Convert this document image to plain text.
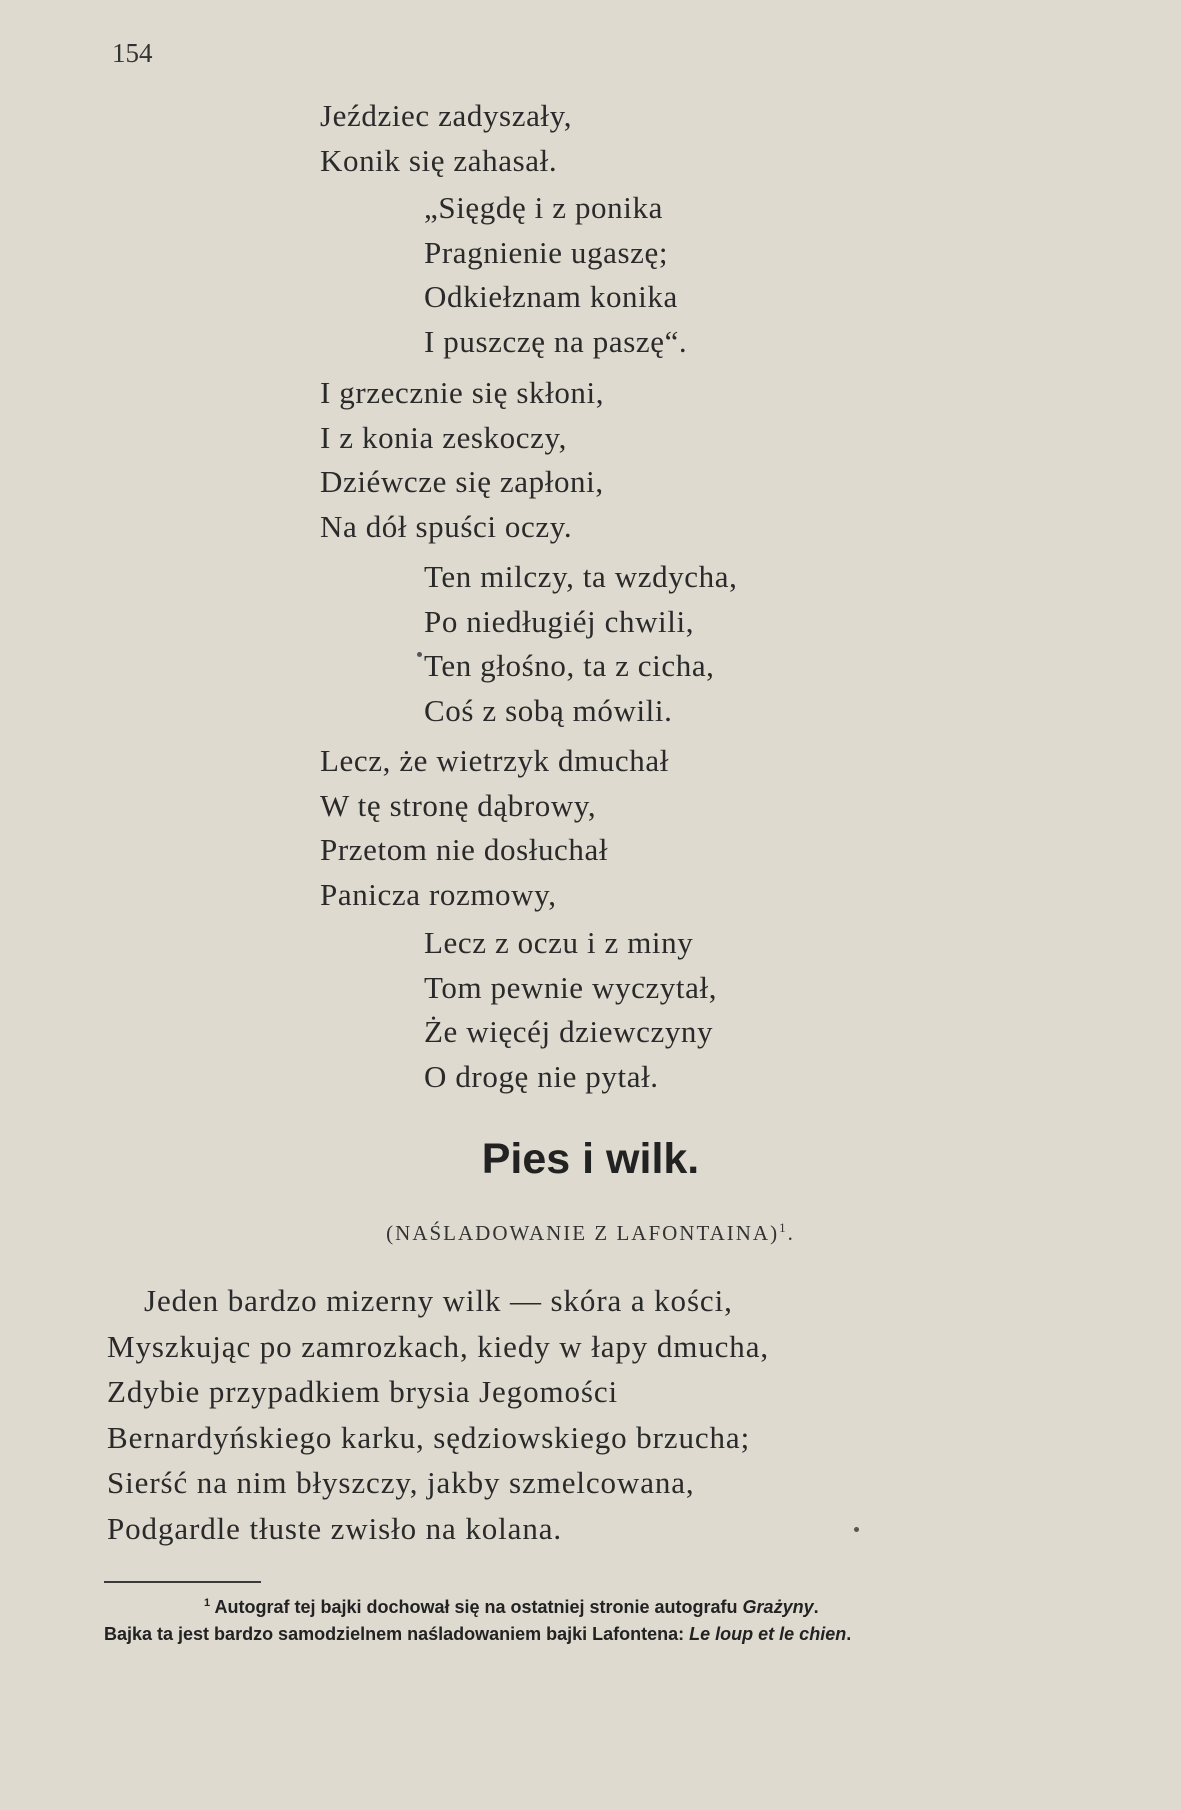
154
Jeździec zadyszały,
Konik się zahasał.
„Sięgdę i z ponika
Pragnienie ugaszę;
Odkiełznam konika
I puszczę na paszę“.
I grzecznie się skłoni,
I z konia zeskoczy,
Dziéwcze się zapłoni,
Na dół spuści oczy.
Ten milczy, ta wzdycha,
Po niedługiéj chwili,
Ten głośno, ta z cicha,
Coś z sobą mówili.
Lecz, że wietrzyk dmuchał
W tę stronę dąbrowy,
Przetom nie dosłuchał
Panicza rozmowy,
Lecz z oczu i z miny
Tom pewnie wyczytał,
Że więcéj dziewczyny
O drogę nie pytał.
Pies i wilk.
(NAŚLADOWANIE Z LAFONTAINA)$^1$.
Jeden bardzo mizerny wilk — skóra a kości,
Myszkując po zamrozkach, kiedy w łapy dmucha,
Zdybie przypadkiem brysia Jegomości
Bernardyńskiego karku, sędziowskiego brzucha;
Sierść na nim błyszczy, jakby szmelcowana,
Podgardle tłuste zwisło na kolana.
$^1$ Autograf tej bajki dochował się na ostatniej stronie autografu Grażyny.
Bajka ta jest bardzo samodzielnem naśladowaniem bajki Lafontena: Le loup et le chien.
